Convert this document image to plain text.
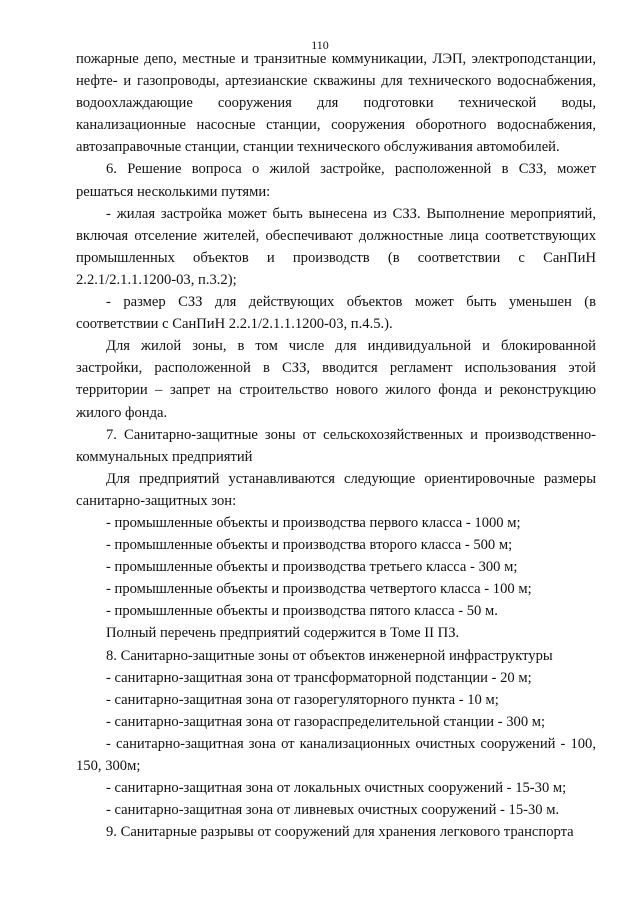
110

пожарные депо, местные и транзитные коммуникации, ЛЭП, электроподстанции, нефте- и газопроводы, артезианские скважины для технического водоснабжения, водоохлаждающие сооружения для подготовки технической воды, канализационные насосные станции, сооружения оборотного водоснабжения, автозаправочные станции, станции технического обслуживания автомобилей.

6. Решение вопроса о жилой застройке, расположенной в СЗЗ, может решаться несколькими путями:

- жилая застройка может быть вынесена из СЗЗ. Выполнение мероприятий, включая отселение жителей, обеспечивают должностные лица соответствующих промышленных объектов и производств (в соответствии с СанПиН 2.2.1/2.1.1.1200-03, п.3.2);

- размер СЗЗ для действующих объектов может быть уменьшен (в соответствии с СанПиН 2.2.1/2.1.1.1200-03, п.4.5.).

Для жилой зоны, в том числе для индивидуальной и блокированной застройки, расположенной в СЗЗ, вводится регламент использования этой территории – запрет на строительство нового жилого фонда и реконструкцию жилого фонда.

7. Санитарно-защитные зоны от сельскохозяйственных и производственно-коммунальных предприятий

Для предприятий устанавливаются следующие ориентировочные размеры санитарно-защитных зон:

- промышленные объекты и производства первого класса - 1000 м;

- промышленные объекты и производства второго класса - 500 м;

- промышленные объекты и производства третьего класса - 300 м;

- промышленные объекты и производства четвертого класса - 100 м;

- промышленные объекты и производства пятого класса - 50 м.

Полный перечень предприятий содержится в Томе II ПЗ.

8. Санитарно-защитные зоны от объектов инженерной инфраструктуры

- санитарно-защитная зона от трансформаторной подстанции - 20 м;

- санитарно-защитная зона от газорегуляторного пункта - 10 м;

- санитарно-защитная зона от газораспределительной станции - 300 м;

- санитарно-защитная зона от канализационных очистных сооружений - 100, 150, 300м;

- санитарно-защитная зона от локальных очистных сооружений - 15-30 м;

- санитарно-защитная зона от ливневых очистных сооружений - 15-30 м.

9. Санитарные разрывы от сооружений для хранения легкового транспорта
